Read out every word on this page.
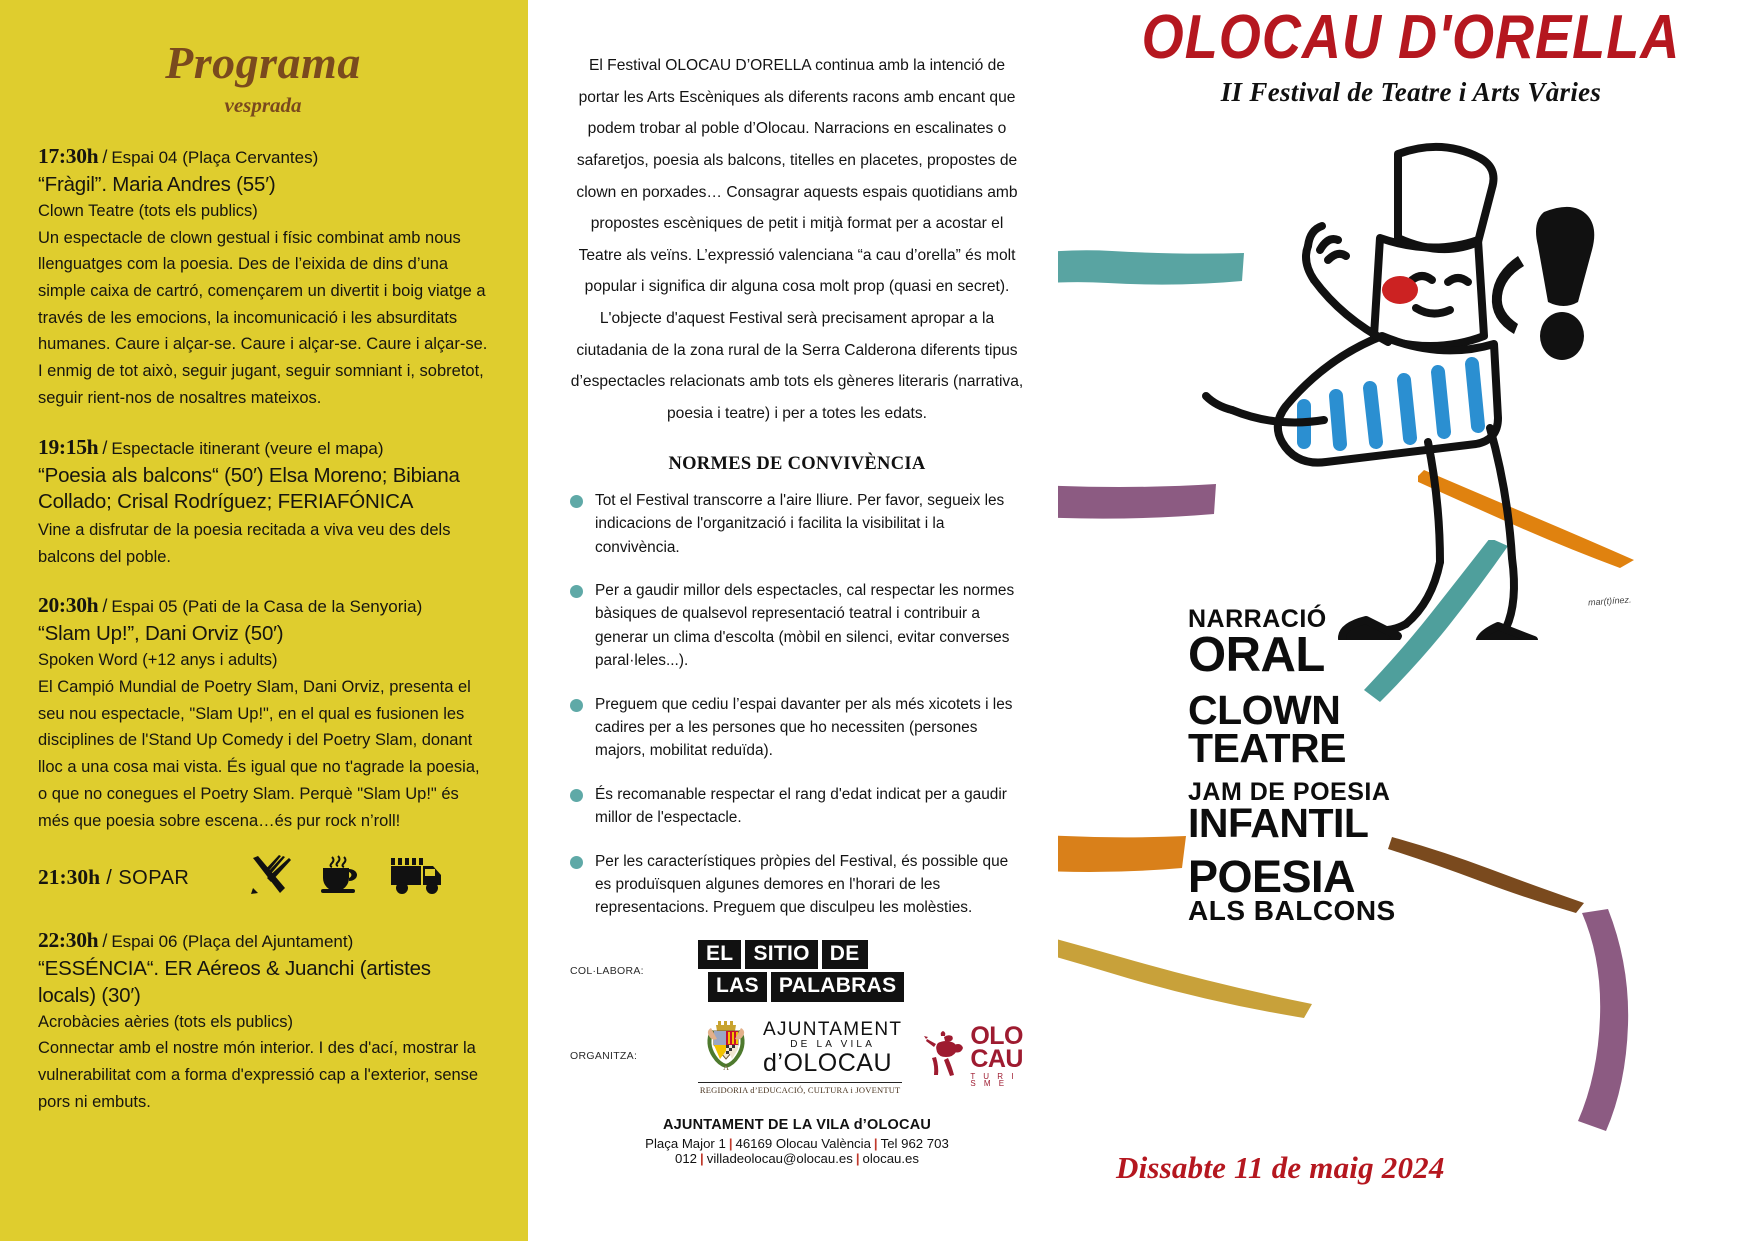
Programa
vesprada
17:30h / Espai 04 (Plaça Cervantes)
“Fràgil”. Maria Andres (55′)
Clown Teatre (tots els publics)
Un espectacle de clown gestual i físic combinat amb nous llenguatges com la poesia. Des de l’eixida de dins d’una simple caixa de cartró, començarem un divertit i boig viatge a través de les emocions, la incomunicació i les absurditats humanes. Caure i alçar-se. Caure i alçar-se. Caure i alçar-se. I enmig de tot això, seguir jugant, seguir somniant i, sobretot, seguir rient-nos de nosaltres mateixos.
19:15h / Espectacle itinerant (veure el mapa)
“Poesia als balcons“ (50′) Elsa Moreno; Bibiana Collado; Crisal Rodríguez; FERIAFÓNICA
Vine a disfrutar de la poesia recitada a viva veu des dels balcons del poble.
20:30h / Espai 05 (Pati de la Casa de la Senyoria)
“Slam Up!”, Dani Orviz (50′)
Spoken Word (+12 anys i adults)
El Campió Mundial de Poetry Slam, Dani Orviz, presenta el seu nou espectacle, "Slam Up!", en el qual es fusionen les disciplines de l'Stand Up Comedy i del Poetry Slam, donant lloc a una cosa mai vista. És igual que no t'agrade la poesia, o que no conegues el Poetry Slam. Perquè "Slam Up!" és més que poesia sobre escena…és pur rock n’roll!
21:30h / SOPAR
22:30h / Espai 06 (Plaça del Ajuntament)
“ESSÉNCIA“. ER Aéreos & Juanchi (artistes locals) (30′)
Acrobàcies aèries (tots els publics)
Connectar amb el nostre món interior. I des d'ací, mostrar la vulnerabilitat com a forma d'expressió cap a l'exterior, sense pors ni embuts.
El Festival OLOCAU D’ORELLA continua amb la intenció de portar les Arts Escèniques als diferents racons amb encant que podem trobar al poble d’Olocau. Narracions en escalinates o safaretjos, poesia als balcons, titelles en placetes, propostes de clown en porxades… Consagrar aquests espais quotidians amb propostes escèniques de petit i mitjà format per a acostar el Teatre als veïns. L’expressió valenciana “a cau d’orella” és molt popular i significa dir alguna cosa molt prop (quasi en secret). L'objecte d'aquest Festival serà precisament apropar a la ciutadania de la zona rural de la Serra Calderona diferents tipus d’espectacles relacionats amb tots els gèneres literaris (narrativa, poesia i teatre) i per a totes les edats.
NORMES DE CONVIVÈNCIA
Tot el Festival transcorre a l'aire lliure. Per favor, segueix les indicacions de l'organització i facilita la visibilitat i la convivència.
Per a gaudir millor dels espectacles, cal respectar les normes bàsiques de qualsevol representació teatral i contribuir a generar un clima d'escolta (mòbil en silenci, evitar converses paral·leles...).
Preguem que cediu l’espai davanter per als més xicotets i les cadires per a les persones que ho necessiten (persones majors, mobilitat reduïda).
És recomanable respectar el rang d'edat indicat per a gaudir millor de l'espectacle.
Per les característiques pròpies del Festival, és possible que es produïsquen algunes demores en l'horari de les representacions. Preguem que disculpeu les molèsties.
COL·LABORA:
EL SITIO DE
LAS PALABRAS
ORGANITZA:
A
AJUNTAMENT
DE LA VILA
d’OLOCAU
REGIDORIA d’EDUCACIÓ, CULTURA i JOVENTUT
OLO
CAU
T U R I S M E
AJUNTAMENT DE LA VILA d’OLOCAU
Plaça Major 1 | 46169 Olocau València | Tel 962 703 012 | villadeolocau@olocau.es | olocau.es
OLOCAU D'ORELLA
II Festival de Teatre i Arts Vàries
mar(t)ínez.
NARRACIÓ
ORAL
CLOWN
TEATRE
JAM DE POESIA
INFANTIL
POESIA
ALS BALCONS
Dissabte 11 de maig 2024
